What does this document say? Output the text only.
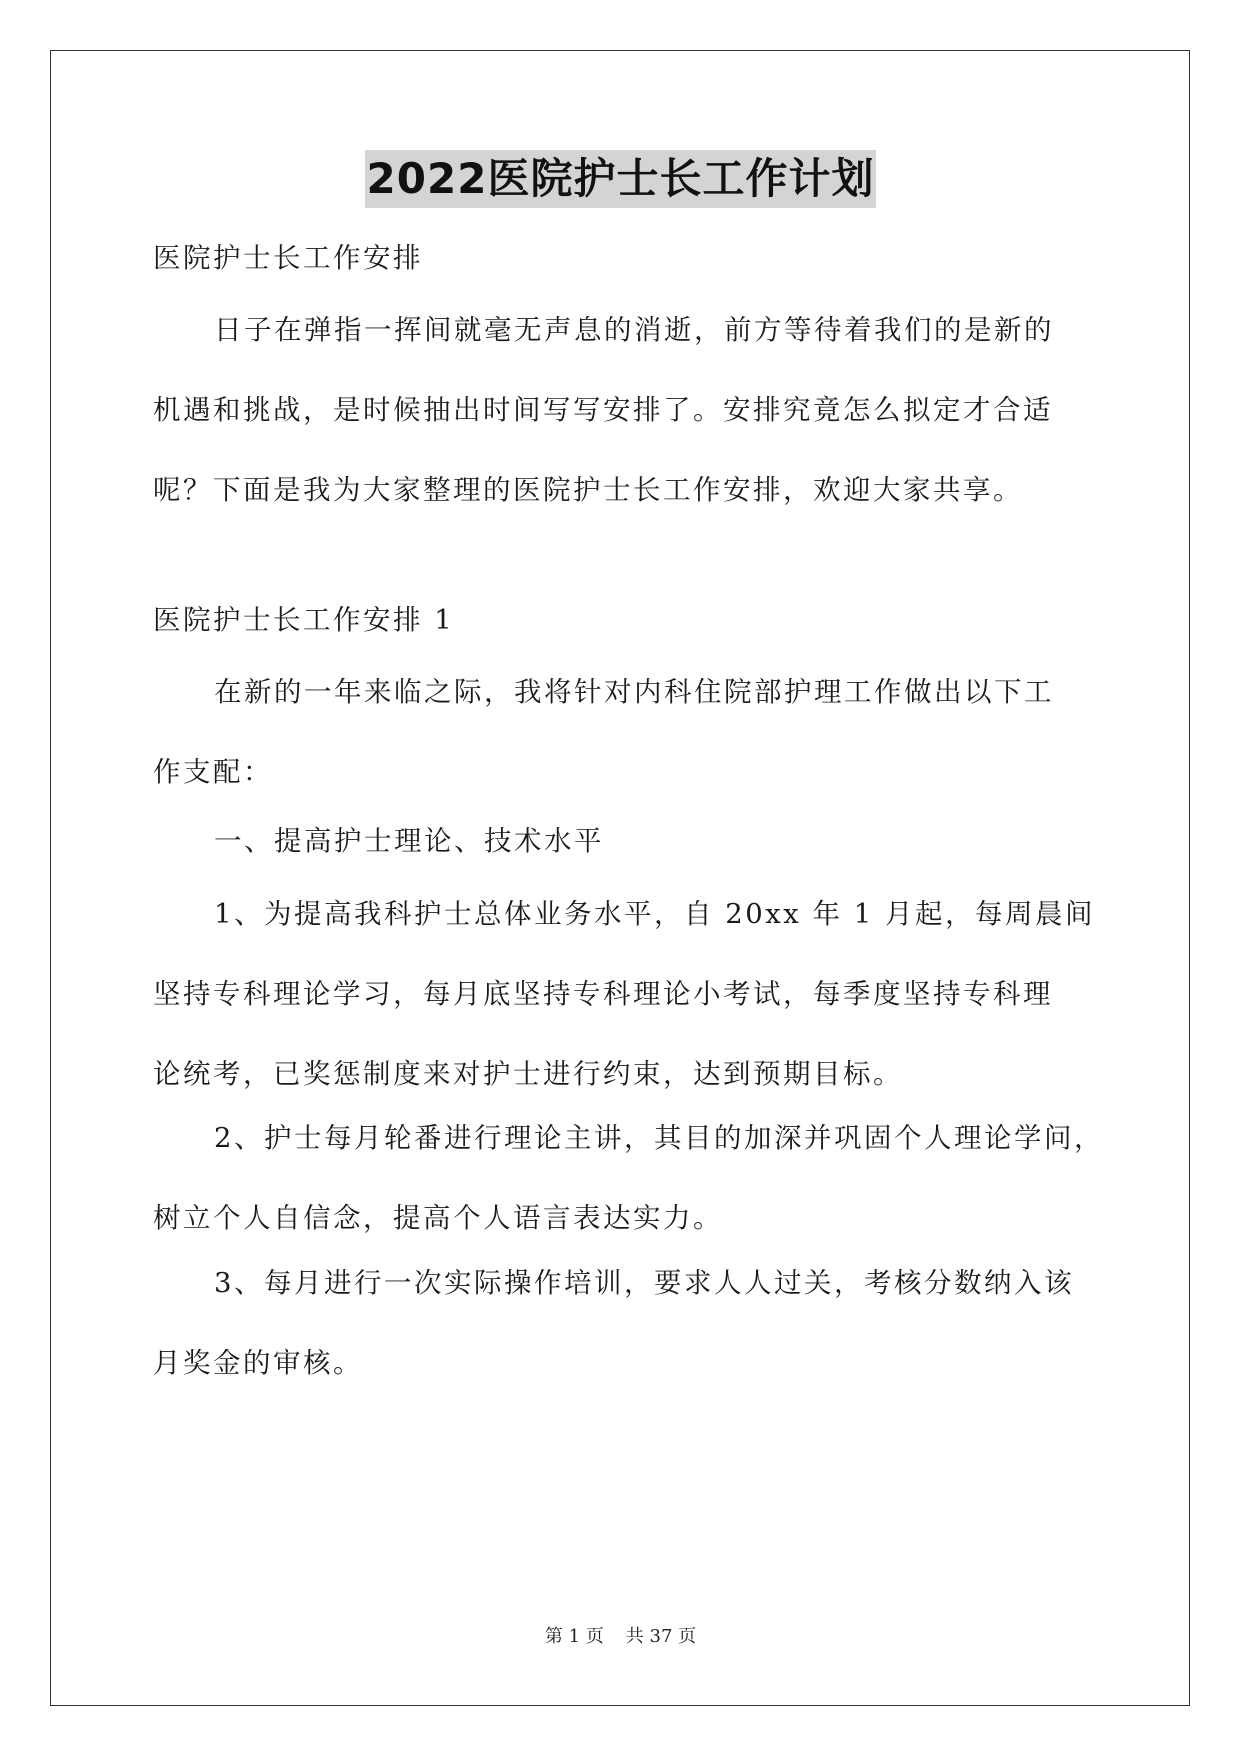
2022医院护士长工作计划
医院护士长工作安排
日子在弹指一挥间就毫无声息的消逝，前方等待着我们的是新的
机遇和挑战，是时候抽出时间写写安排了。安排究竟怎么拟定才合适
呢？下面是我为大家整理的医院护士长工作安排，欢迎大家共享。
医院护士长工作安排 1
在新的一年来临之际，我将针对内科住院部护理工作做出以下工
作支配：
一、提高护士理论、技术水平
1、为提高我科护士总体业务水平，自 20xx 年 1 月起，每周晨间
坚持专科理论学习，每月底坚持专科理论小考试，每季度坚持专科理
论统考，已奖惩制度来对护士进行约束，达到预期目标。
2、护士每月轮番进行理论主讲，其目的加深并巩固个人理论学问，
树立个人自信念，提高个人语言表达实力。
3、每月进行一次实际操作培训，要求人人过关，考核分数纳入该
月奖金的审核。
第 1 页 共 37 页
